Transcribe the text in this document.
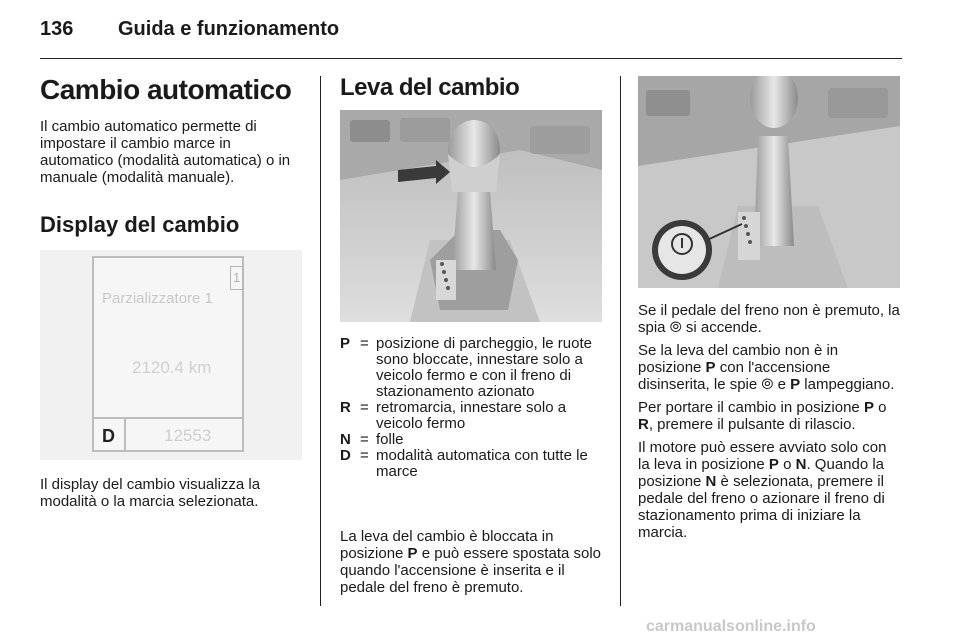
136 Guida e funzionamento
Cambio automatico

Il cambio automatico permette di impostare il cambio marce in automatico (modalità automatica) o in manuale (modalità manuale).

Display del cambio
1
Parzializzatore 1
2120.4 km
D	12553

Il display del cambio visualizza la modalità o la marcia selezionata.

Leva del cambio
P = posizione di parcheggio, le ruote sono bloccate, innestare solo a veicolo fermo e con il freno di stazionamento azionato
R = retromarcia, innestare solo a veicolo fermo
N = folle
D = modalità automatica con tutte le marce

La leva del cambio è bloccata in posizione P e può essere spostata solo quando l'accensione è inserita e il pedale del freno è premuto.

Se il pedale del freno non è premuto, la spia ⦾ si accende.

Se la leva del cambio non è in posizione P con l'accensione disinserita, le spie ⦾ e P lampeggiano.

Per portare il cambio in posizione P o R, premere il pulsante di rilascio.

Il motore può essere avviato solo con la leva in posizione P o N. Quando la posizione N è selezionata, premere il pedale del freno o azionare il freno di stazionamento prima di iniziare la marcia.

carmanualsonline.info
